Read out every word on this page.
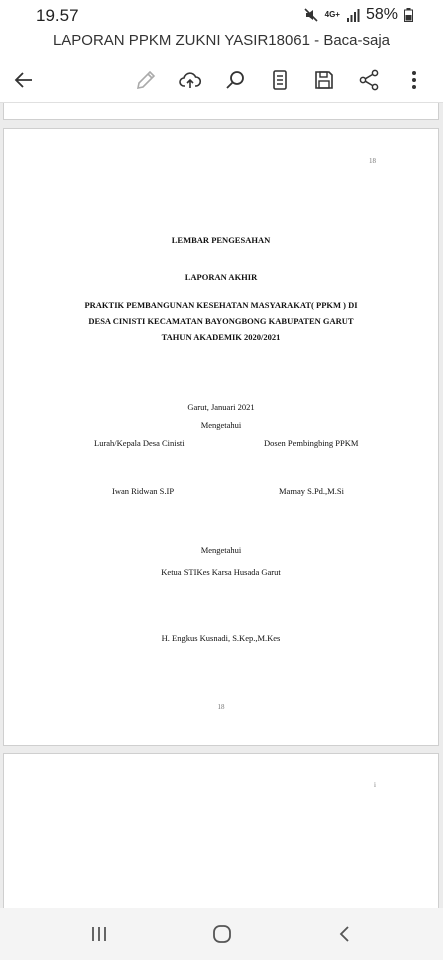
19.57	4G+ 58%
LAPORAN PPKM ZUKNI YASIR18061 - Baca-saja
18
LEMBAR PENGESAHAN
LAPORAN AKHIR
PRAKTIK PEMBANGUNAN KESEHATAN MASYARAKAT( PPKM ) DI
DESA CINISTI KECAMATAN BAYONGBONG KABUPATEN GARUT
TAHUN AKADEMIK 2020/2021
Garut, Januari 2021
Mengetahui
Lurah/Kepala Desa Cinisti	Dosen Pembingbing PPKM
Iwan Ridwan S.IP	Mamay S.Pd.,M.Si
Mengetahui
Ketua STIKes Karsa Husada Garut
H. Engkus Kusnadi, S.Kep.,M.Kes
18
i
